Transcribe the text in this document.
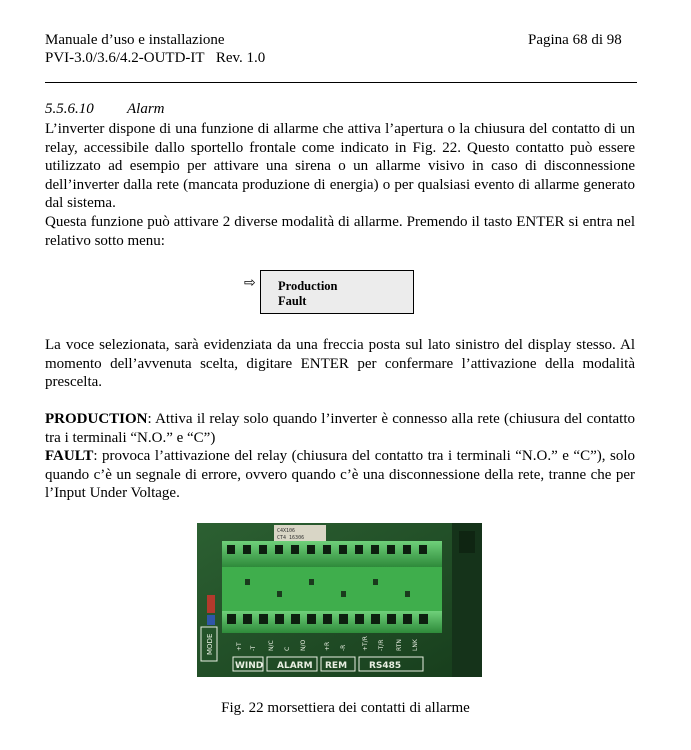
Manuale d’uso e installazione	Pagina 68 di 98
PVI-3.0/3.6/4.2-OUTD-IT Rev. 1.0
5.5.6.10 Alarm

L’inverter dispone di una funzione di allarme che attiva l’apertura o la chiusura del contatto di un relay, accessibile dallo sportello frontale come indicato in Fig. 22. Questo contatto può essere utilizzato ad esempio per attivare una sirena o un allarme visivo in caso di disconnessione dell’inverter dalla rete (mancata produzione di energia) o per qualsiasi evento di allarme generato dal sistema.

Questa funzione può attivare 2 diverse modalità di allarme. Premendo il tasto ENTER si entra nel relativo sotto menu:

⇨	Production
Fault

La voce selezionata, sarà evidenziata da una freccia posta sul lato sinistro del display stesso. Al momento dell’avvenuta scelta, digitare ENTER per confermare l’attivazione della modalità prescelta.

PRODUCTION: Attiva il relay solo quando l’inverter è connesso alla rete (chiusura del contatto tra i terminali “N.O.” e “C”)

FAULT: provoca l’attivazione del relay (chiusura del contatto tra i terminali “N.O.” e “C”), solo quando c’è un segnale di errore, ovvero quando c’è una disconnessione della rete, tranne che per l’Input Under Voltage.

C4X106
CT4 16306
MODE	+T -T N/C C N/O	+R -R	+T/R -T/R RTN LNK
WIND ALARM REM RS485
Fig. 22 morsettiera dei contatti di allarme
